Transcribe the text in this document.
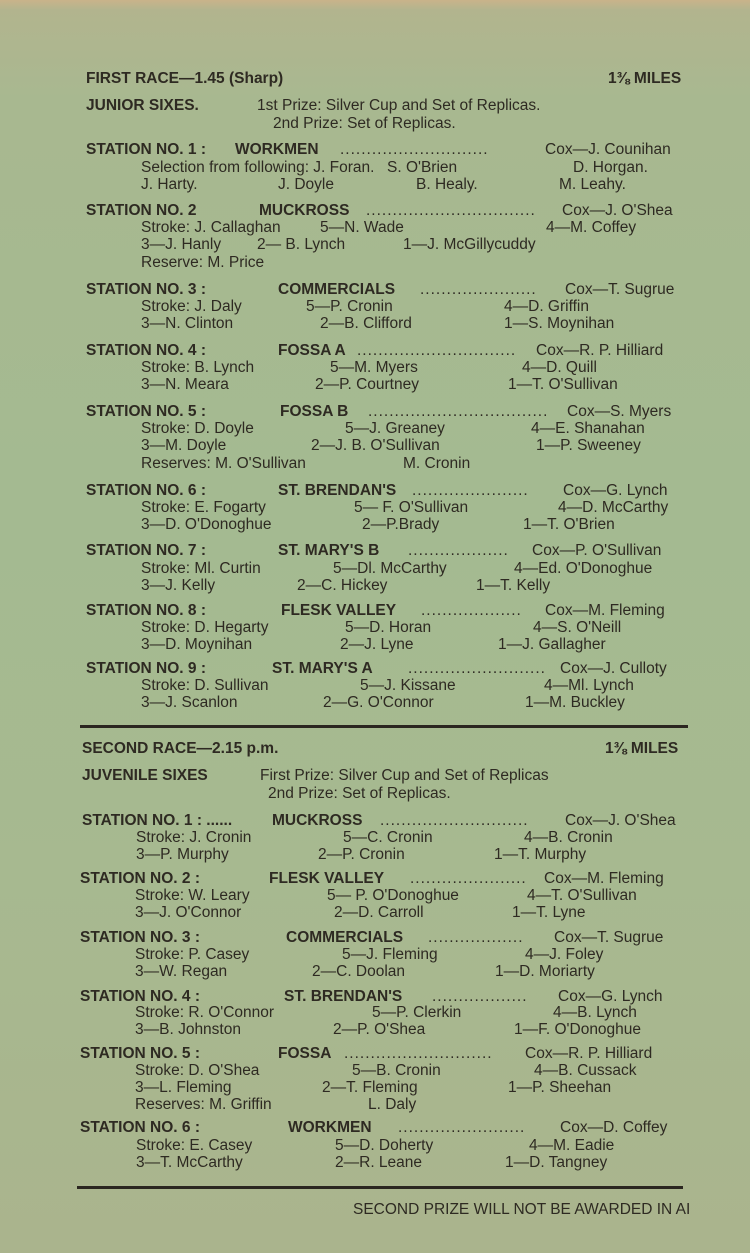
FIRST RACE—1.45 (Sharp)	1⅜ MILES
JUNIOR SIXES.	1st Prize: Silver Cup and Set of Replicas.
2nd Prize: Set of Replicas.
STATION NO. 1 : WORKMEN ............................	Cox—J. Counihan
Selection from following: J. Foran. S. O'Brien	D. Horgan.
J. Harty.	J. Doyle	B. Healy.	M. Leahy.
STATION NO. 2	MUCKROSS ................................ Cox—J. O'Shea
Stroke: J. Callaghan	5—N. Wade	4—M. Coffey
3—J. Hanly 2— B. Lynch	1—J. McGillycuddy
Reserve: M. Price
STATION NO. 3 :	COMMERCIALS ...................... Cox—T. Sugrue
Stroke: J. Daly	5—P. Cronin	4—D. Griffin
3—N. Clinton	2—B. Clifford	1—S. Moynihan
STATION NO. 4 :	FOSSA A .............................. Cox—R. P. Hilliard
Stroke: B. Lynch	5—M. Myers	4—D. Quill
3—N. Meara	2—P. Courtney	1—T. O'Sullivan
STATION NO. 5 :	FOSSA B .................................. Cox—S. Myers
Stroke: D. Doyle	5—J. Greaney	4—E. Shanahan
3—M. Doyle	2—J. B. O'Sullivan	1—P. Sweeney
Reserves: M. O'Sullivan	M. Cronin
STATION NO. 6 :	ST. BRENDAN'S ...................... Cox—G. Lynch
Stroke: E. Fogarty	5— F. O'Sullivan	4—D. McCarthy
3—D. O'Donoghue	2—P.Brady	1—T. O'Brien
STATION NO. 7 :	ST. MARY'S B ................... Cox—P. O'Sullivan
Stroke: Ml. Curtin	5—Dl. McCarthy	4—Ed. O'Donoghue
3—J. Kelly	2—C. Hickey	1—T. Kelly
STATION NO. 8 :	FLESK VALLEY ................... Cox—M. Fleming
Stroke: D. Hegarty	5—D. Horan	4—S. O'Neill
3—D. Moynihan	2—J. Lyne	1—J. Gallagher
STATION NO. 9 :	ST. MARY'S A .......................... Cox—J. Culloty
Stroke: D. Sullivan	5—J. Kissane	4—Ml. Lynch
3—J. Scanlon	2—G. O'Connor	1—M. Buckley
SECOND RACE—2.15 p.m.	1⅜ MILES
JUVENILE SIXES	First Prize: Silver Cup and Set of Replicas
2nd Prize: Set of Replicas.
STATION NO. 1 : ......	MUCKROSS ............................ Cox—J. O'Shea
Stroke: J. Cronin	5—C. Cronin	4—B. Cronin
3—P. Murphy	2—P. Cronin	1—T. Murphy
STATION NO. 2 :	FLESK VALLEY ...................... Cox—M. Fleming
Stroke: W. Leary	5— P. O'Donoghue	4—T. O'Sullivan
3—J. O'Connor	2—D. Carroll	1—T. Lyne
STATION NO. 3 :	COMMERCIALS .................. Cox—T. Sugrue
Stroke: P. Casey	5—J. Fleming	4—J. Foley
3—W. Regan	2—C. Doolan	1—D. Moriarty
STATION NO. 4 :	ST. BRENDAN'S .................. Cox—G. Lynch
Stroke: R. O'Connor	5—P. Clerkin	4—B. Lynch
3—B. Johnston	2—P. O'Shea	1—F. O'Donoghue
STATION NO. 5 :	FOSSA ............................ Cox—R. P. Hilliard
Stroke: D. O'Shea	5—B. Cronin	4—B. Cussack
3—L. Fleming	2—T. Fleming	1—P. Sheehan
Reserves: M. Griffin	L. Daly
STATION NO. 6 :	WORKMEN ........................ Cox—D. Coffey
Stroke: E. Casey	5—D. Doherty	4—M. Eadie
3—T. McCarthy	2—R. Leane	1—D. Tangney
SECOND PRIZE WILL NOT BE AWARDED IN AI
